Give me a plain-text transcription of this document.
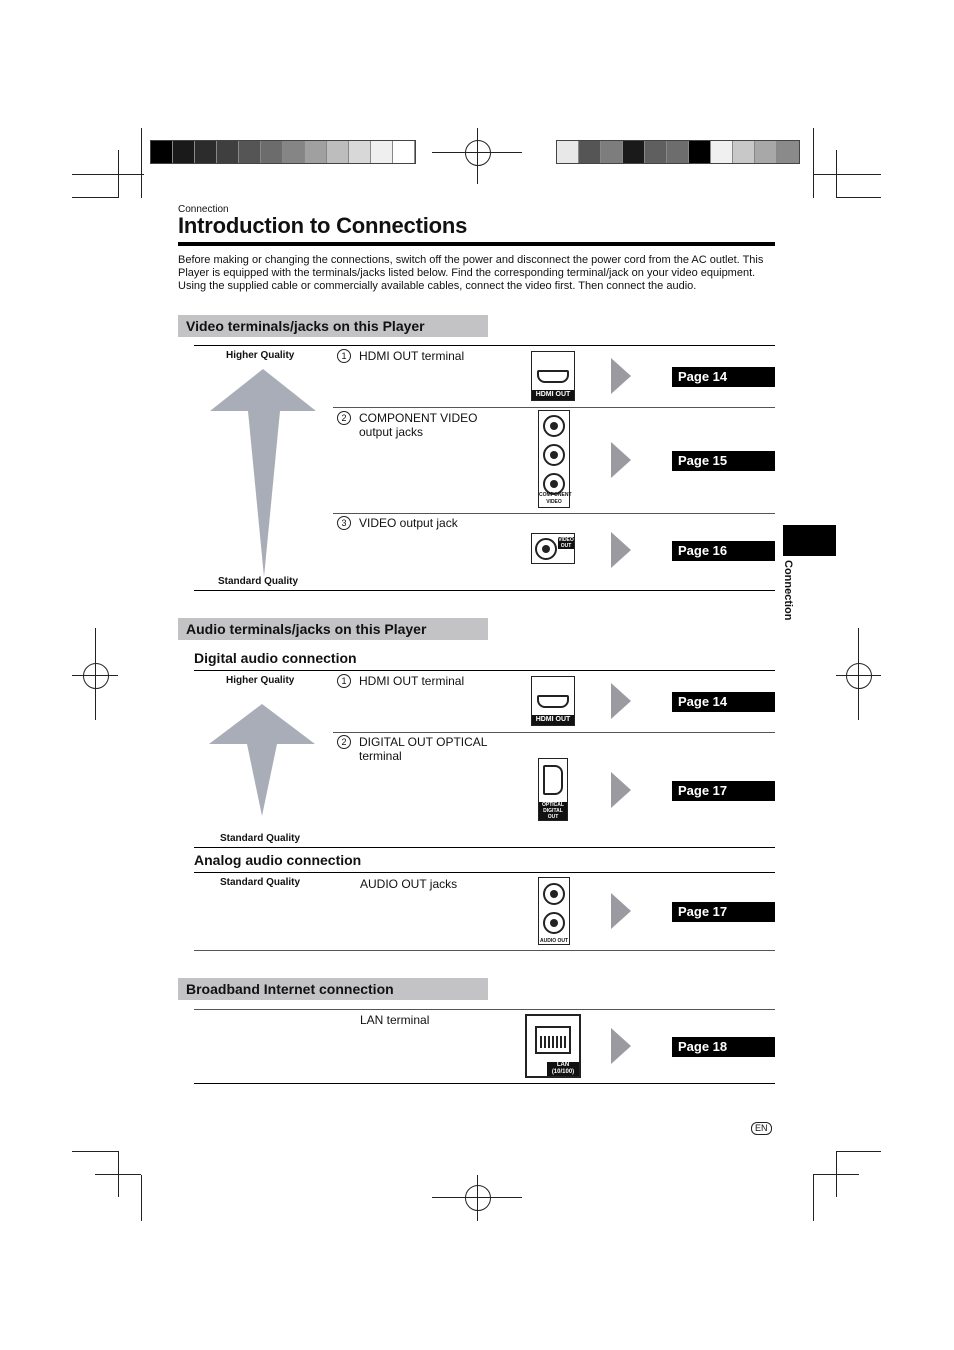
Connection
Introduction to Connections
Before making or changing the connections, switch off the power and disconnect the power cord from the AC outlet. This Player is equipped with the terminals/jacks listed below. Find the corresponding terminal/jack on your video equipment. Using the supplied cable or commercially available cables, connect the video first. Then connect the audio.
Connection
Video terminals/jacks on this Player
Higher Quality
Standard Quality
1 HDMI OUT terminal
HDMI OUT
Page 14
2 COMPONENT VIDEO output jacks
COMPONENT VIDEO
Page 15
3 VIDEO output jack
VIDEO OUT	Page 16
Audio terminals/jacks on this Player
Digital audio connection
Higher Quality
Standard Quality
1 HDMI OUT terminal
HDMI OUT
Page 14
2 DIGITAL OUT OPTICAL terminal
OPTICAL DIGITAL OUT
Page 17
Analog audio connection
Standard Quality	AUDIO OUT jacks
AUDIO OUT
Page 17
Broadband Internet connection
LAN terminal
LAN (10/100)
Page 18
EN
